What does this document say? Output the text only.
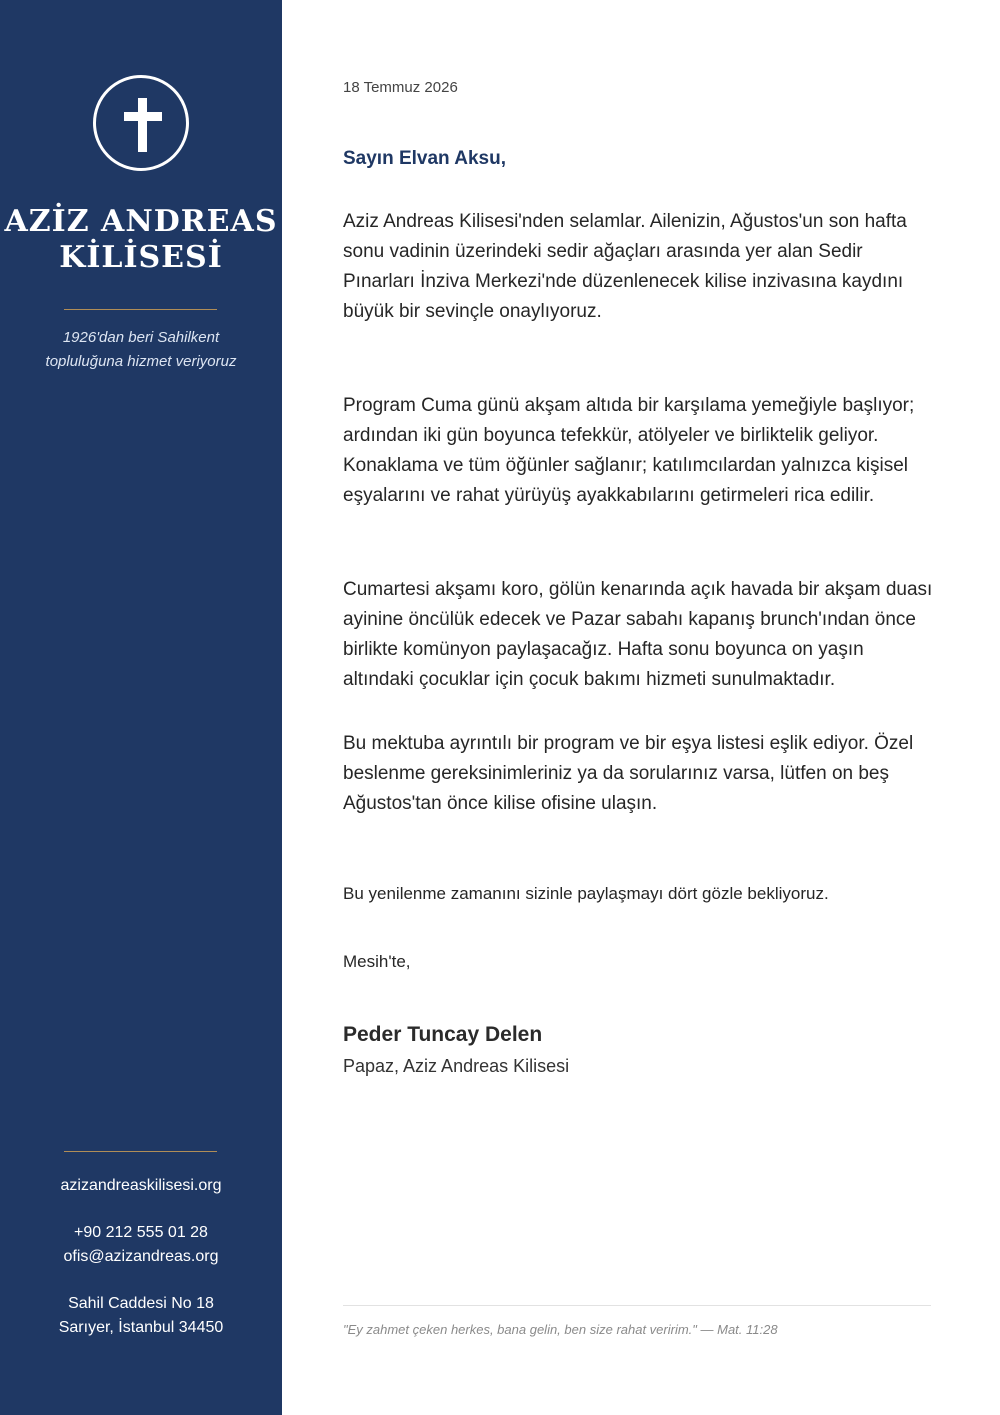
AZİZ ANDREAS
KİLİSESİ
1926'dan beri Sahilkent
topluluğuna hizmet veriyoruz
azizandreaskilisesi.org
+90 212 555 01 28
ofis@azizandreas.org
Sahil Caddesi No 18
Sarıyer, İstanbul 34450
18 Temmuz 2026
Sayın Elvan Aksu,
Aziz Andreas Kilisesi'nden selamlar. Ailenizin, Ağustos'un son hafta sonu vadinin üzerindeki sedir ağaçları arasında yer alan Sedir Pınarları İnziva Merkezi'nde düzenlenecek kilise inzivasına kaydını büyük bir sevinçle onaylıyoruz.
Program Cuma günü akşam altıda bir karşılama yemeğiyle başlıyor; ardından iki gün boyunca tefekkür, atölyeler ve birliktelik geliyor. Konaklama ve tüm öğünler sağlanır; katılımcılardan yalnızca kişisel eşyalarını ve rahat yürüyüş ayakkabılarını getirmeleri rica edilir.
Cumartesi akşamı koro, gölün kenarında açık havada bir akşam duası ayinine öncülük edecek ve Pazar sabahı kapanış brunch'ından önce birlikte komünyon paylaşacağız. Hafta sonu boyunca on yaşın altındaki çocuklar için çocuk bakımı hizmeti sunulmaktadır.
Bu mektuba ayrıntılı bir program ve bir eşya listesi eşlik ediyor. Özel beslenme gereksinimleriniz ya da sorularınız varsa, lütfen on beş Ağustos'tan önce kilise ofisine ulaşın.
Bu yenilenme zamanını sizinle paylaşmayı dört gözle bekliyoruz.
Mesih'te,
Peder Tuncay Delen
Papaz, Aziz Andreas Kilisesi
"Ey zahmet çeken herkes, bana gelin, ben size rahat veririm." — Mat. 11:28
